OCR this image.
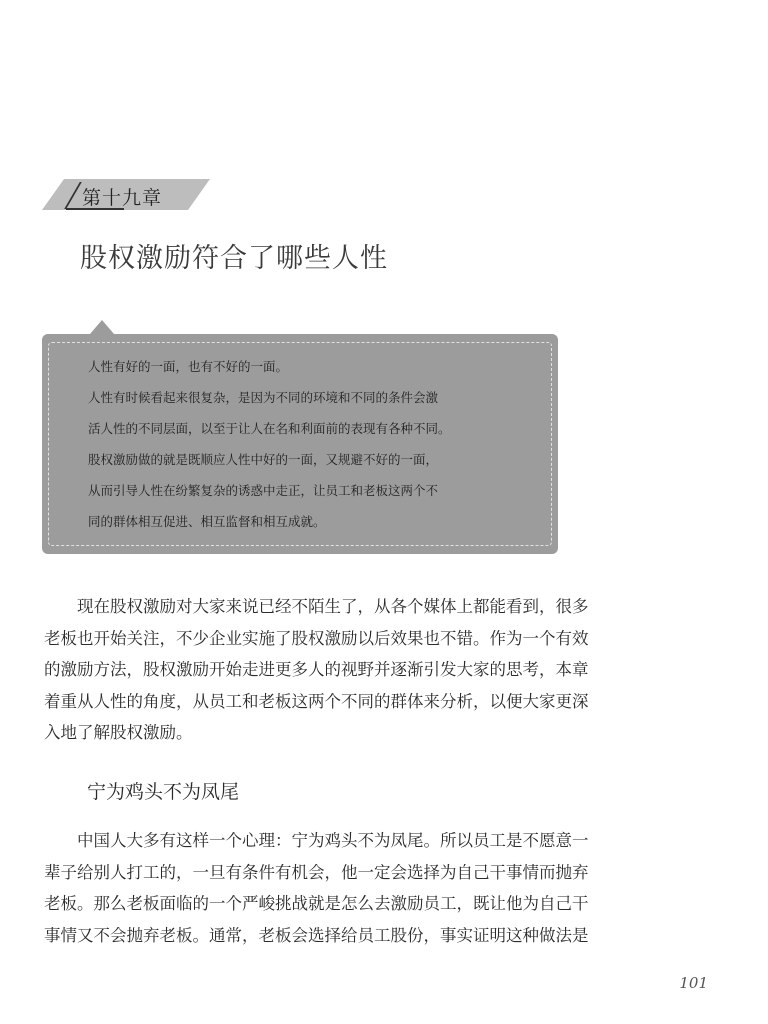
第十九章
股权激励符合了哪些人性

人性有好的一面，也有不好的一面。

人性有时候看起来很复杂，是因为不同的环境和不同的条件会激

活人性的不同层面，以至于让人在名和利面前的表现有各种不同。

股权激励做的就是既顺应人性中好的一面，又规避不好的一面，

从而引导人性在纷繁复杂的诱惑中走正，让员工和老板这两个不

同的群体相互促进、相互监督和相互成就。

　　现在股权激励对大家来说已经不陌生了，从各个媒体上都能看到，很多
老板也开始关注，不少企业实施了股权激励以后效果也不错。作为一个有效
的激励方法，股权激励开始走进更多人的视野并逐渐引发大家的思考，本章
着重从人性的角度，从员工和老板这两个不同的群体来分析，以便大家更深
入地了解股权激励。
宁为鸡头不为凤尾
　　中国人大多有这样一个心理：宁为鸡头不为凤尾。所以员工是不愿意一
辈子给别人打工的，一旦有条件有机会，他一定会选择为自己干事情而抛弃
老板。那么老板面临的一个严峻挑战就是怎么去激励员工，既让他为自己干
事情又不会抛弃老板。通常，老板会选择给员工股份，事实证明这种做法是
101
